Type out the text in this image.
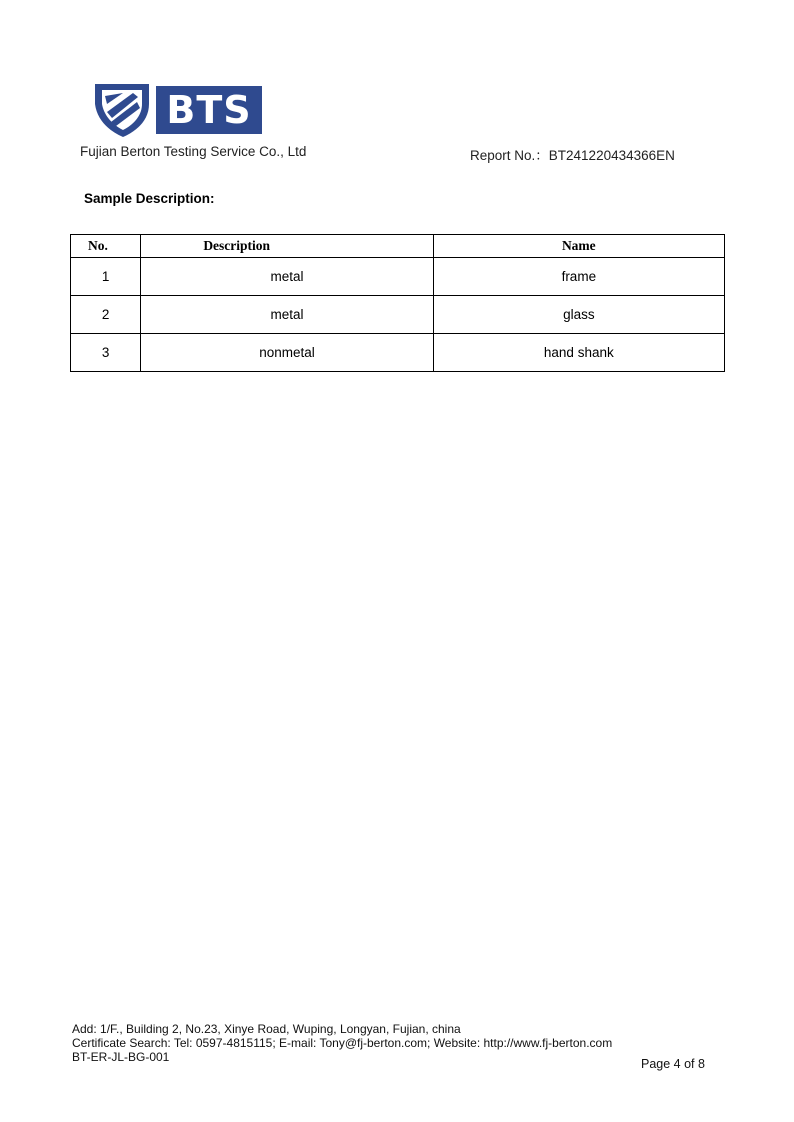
BTS
Fujian Berton Testing Service Co., Ltd	Report No.：BT241220434366EN
Sample Description:
No.	Description	Name
1	metal	frame
2	metal	glass
3	nonmetal	hand shank
Add: 1/F., Building 2, No.23, Xinye Road, Wuping, Longyan, Fujian, china
Certificate Search: Tel: 0597-4815115; E-mail: Tony@fj-berton.com; Website: http://www.fj-berton.com
BT-ER-JL-BG-001	Page 4 of 8
